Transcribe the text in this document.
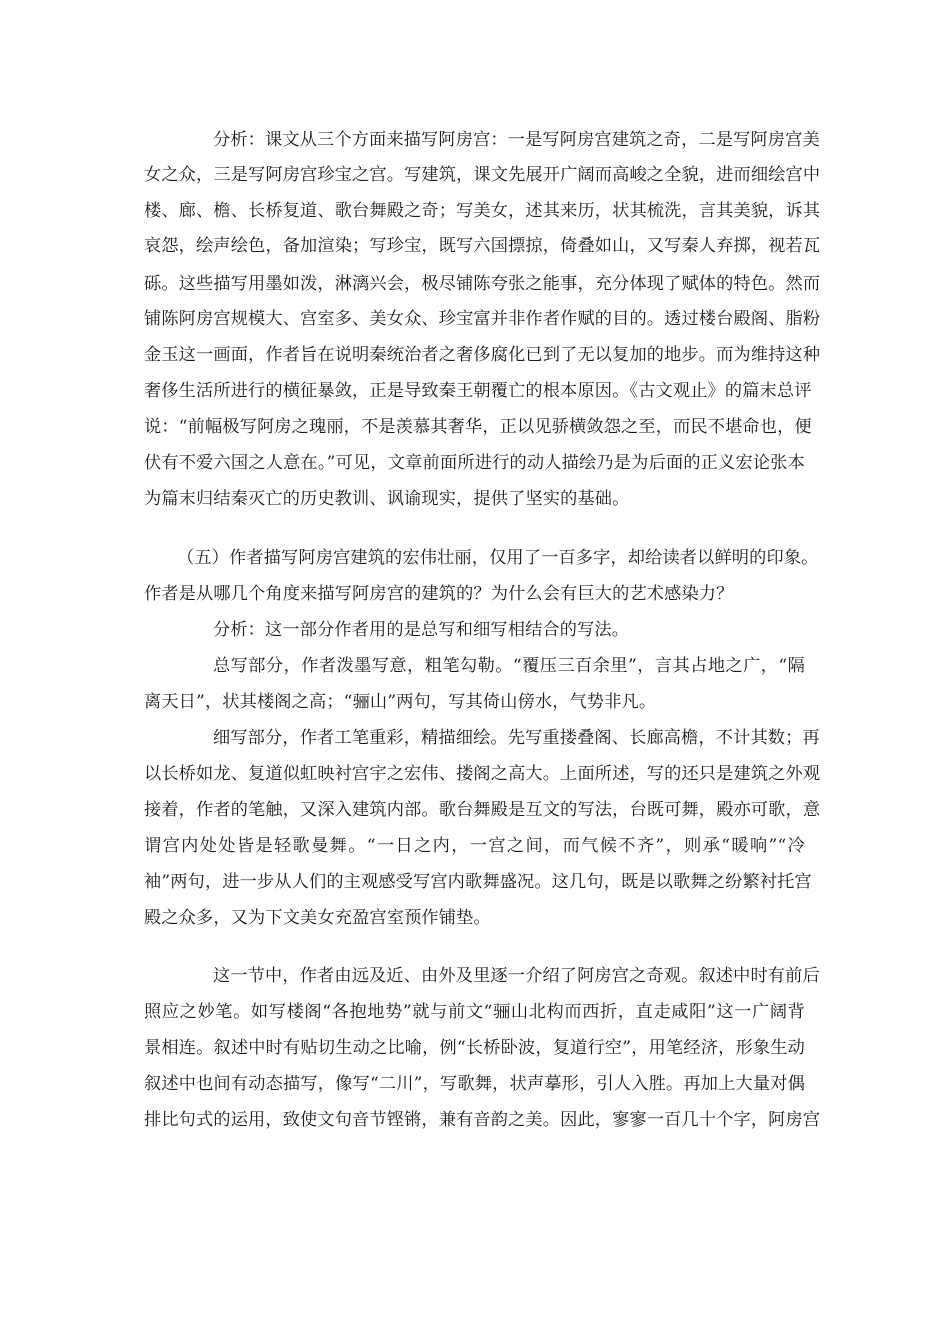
分析：课文从三个方面来描写阿房宫：一是写阿房宫建筑之奇，二是写阿房宫美

女之众，三是写阿房宫珍宝之宫。写建筑，课文先展开广阔而高峻之全貌，进而细绘宫中

楼、廊、檐、长桥复道、歌台舞殿之奇；写美女，述其来历，状其梳洗，言其美貌，诉其

哀怨，绘声绘色，备加渲染；写珍宝，既写六国摽掠，倚叠如山，又写秦人弃掷，视若瓦

砾。这些描写用墨如泼，淋漓兴会，极尽铺陈夸张之能事，充分体现了赋体的特色。然而

铺陈阿房宫规模大、宫室多、美女众、珍宝富并非作者作赋的目的。透过楼台殿阁、脂粉

金玉这一画面，作者旨在说明秦统治者之奢侈腐化已到了无以复加的地步。而为维持这种

奢侈生活所进行的横征暴敛，正是导致秦王朝覆亡的根本原因。《古文观止》的篇末总评

说：“前幅极写阿房之瑰丽，不是羡慕其奢华，正以见骄横敛怨之至，而民不堪命也，便

伏有不爱六国之人意在。”可见，文章前面所进行的动人描绘乃是为后面的正义宏论张本

为篇末归结秦灭亡的历史教训、讽谕现实，提供了坚实的基础。

（五）作者描写阿房宫建筑的宏伟壮丽，仅用了一百多字，却给读者以鲜明的印象。

作者是从哪几个角度来描写阿房宫的建筑的？为什么会有巨大的艺术感染力？

分析：这一部分作者用的是总写和细写相结合的写法。

总写部分，作者泼墨写意，粗笔勾勒。“覆压三百余里”，言其占地之广，“隔

离天日”，状其楼阁之高；“骊山”两句，写其倚山傍水，气势非凡。

细写部分，作者工笔重彩，精描细绘。先写重搂叠阁、长廊高檐，不计其数；再

以长桥如龙、复道似虹映衬宫宇之宏伟、搂阁之高大。上面所述，写的还只是建筑之外观

接着，作者的笔触，又深入建筑内部。歌台舞殿是互文的写法，台既可舞，殿亦可歌，意

谓宫内处处皆是轻歌曼舞。“一日之内，一宫之间，而气候不齐”，则承“暖响”“冷

袖”两句，进一步从人们的主观感受写宫内歌舞盛况。这几句，既是以歌舞之纷繁衬托宫

殿之众多，又为下文美女充盈宫室预作铺垫。

这一节中，作者由远及近、由外及里逐一介绍了阿房宫之奇观。叙述中时有前后

照应之妙笔。如写楼阁“各抱地势”就与前文“骊山北构而西折，直走咸阳”这一广阔背

景相连。叙述中时有贴切生动之比喻，例“长桥卧波，复道行空”，用笔经济，形象生动

叙述中也间有动态描写，像写“二川”，写歌舞，状声摹形，引人入胜。再加上大量对偶

排比句式的运用，致使文句音节铿锵，兼有音韵之美。因此，寥寥一百几十个字，阿房宫
